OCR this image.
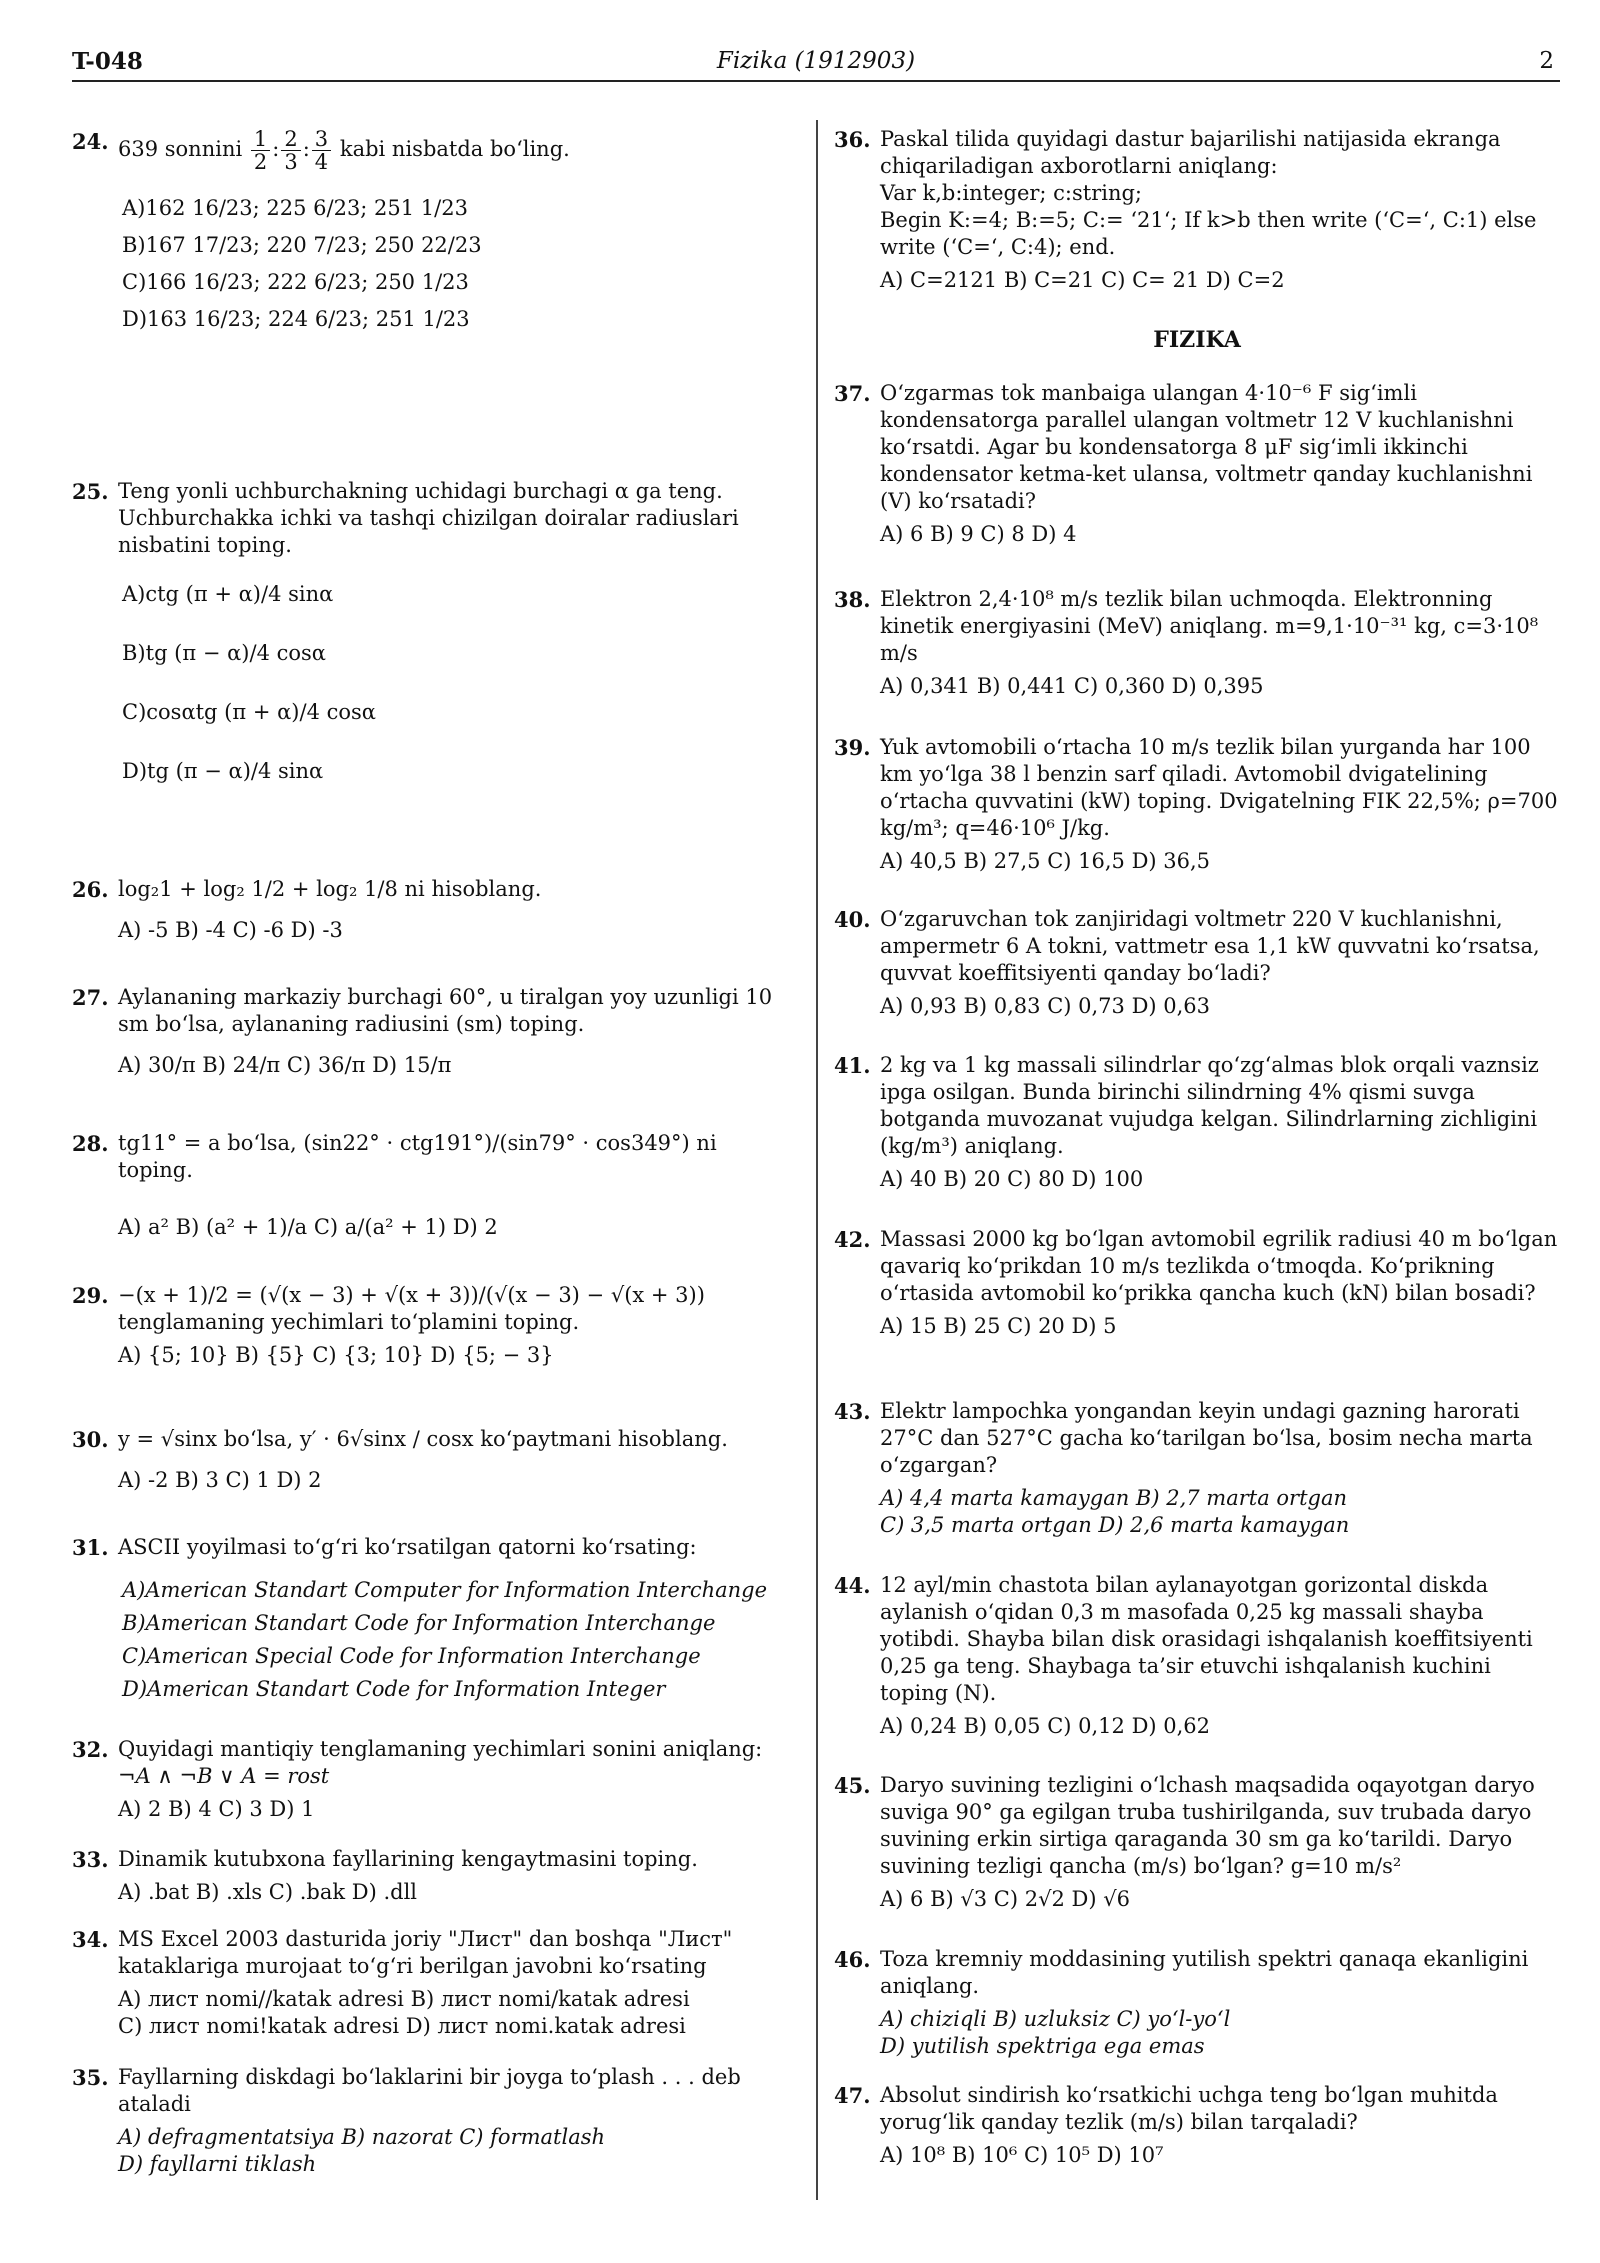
T-048	Fizika (1912903)	2
24. 639 sonnini $\frac{1}{2}$ : $\frac{2}{3}$ : $\frac{3}{4}$ kabi nisbatda bo‘ling.
A)162 16/23; 225 6/23; 251 1/23
B)167 17/23; 220 7/23; 250 22/23
C)166 16/23; 222 6/23; 250 1/23
D)163 16/23; 224 6/23; 251 1/23
25. Teng yonli uchburchakning uchidagi burchagi α ga teng. Uchburchakka ichki va tashqi chizilgan doiralar radiuslari nisbatini toping.
A)ctg (π + α)/4 sinα
B)tg (π − α)/4 cosα
C)cosαtg (π + α)/4 cosα
D)tg (π − α)/4 sinα
26. log₂1 + log₂ 1/2 + log₂ 1/8 ni hisoblang.
A) -5 B) -4 C) -6 D) -3
27. Aylananing markaziy burchagi 60°, u tiralgan yoy uzunligi 10 sm bo‘lsa, aylananing radiusini (sm) toping.
A) 30/π B) 24/π C) 36/π D) 15/π
28. tg11° = a bo‘lsa, (sin22° · ctg191°)/(sin79° · cos349°) ni toping.
A) a² B) (a² + 1)/a C) a/(a² + 1) D) 2
29. −(x + 1)/2 = (√(x − 3) + √(x + 3))/(√(x − 3) − √(x + 3)) tenglamaning yechimlari to‘plamini toping.
A) {5; 10} B) {5} C) {3; 10} D) {5; − 3}
30. y = √sinx bo‘lsa, y′ · 6√sinx / cosx ko‘paytmani hisoblang.
A) -2 B) 3 C) 1 D) 2
31. ASCII yoyilmasi to‘g‘ri ko‘rsatilgan qatorni ko‘rsating:
A)American Standart Computer for Information Interchange
B)American Standart Code for Information Interchange
C)American Special Code for Information Interchange
D)American Standart Code for Information Integer
32. Quyidagi mantiqiy tenglamaning yechimlari sonini aniqlang:
¬A ∧ ¬B ∨ A = rost
A) 2 B) 4 C) 3 D) 1
33. Dinamik kutubxona fayllarining kengaytmasini toping.
A) .bat B) .xls C) .bak D) .dll
34. MS Excel 2003 dasturida joriy "Лист" dan boshqa "Лист" kataklariga murojaat to‘g‘ri berilgan javobni ko‘rsating
A) лист nomi//katak adresi B) лист nomi/katak adresi
C) лист nomi!katak adresi D) лист nomi.katak adresi
35. Fayllarning diskdagi bo‘laklarini bir joyga to‘plash . . . deb ataladi
A) defragmentatsiya B) nazorat C) formatlash
D) fayllarni tiklash
36. Paskal tilida quyidagi dastur bajarilishi natijasida ekranga chiqariladigan axborotlarni aniqlang:
Var k,b:integer; c:string;
Begin K:=4; B:=5; C:= ‘21‘; If k>b then write (‘C=‘, C:1) else write (‘C=‘, C:4); end.
A) C=2121 B) C=21 C) C= 21 D) C=2
FIZIKA
37. O‘zgarmas tok manbaiga ulangan 4·10⁻⁶ F sig‘imli kondensatorga parallel ulangan voltmetr 12 V kuchlanishni ko‘rsatdi. Agar bu kondensatorga 8 μF sig‘imli ikkinchi kondensator ketma-ket ulansa, voltmetr qanday kuchlanishni (V) ko‘rsatadi?
A) 6 B) 9 C) 8 D) 4
38. Elektron 2,4·10⁸ m/s tezlik bilan uchmoqda. Elektronning kinetik energiyasini (MeV) aniqlang. m=9,1·10⁻³¹ kg, c=3·10⁸ m/s
A) 0,341 B) 0,441 C) 0,360 D) 0,395
39. Yuk avtomobili o‘rtacha 10 m/s tezlik bilan yurganda har 100 km yo‘lga 38 l benzin sarf qiladi. Avtomobil dvigatelining o‘rtacha quvvatini (kW) toping. Dvigatelning FIK 22,5%; ρ=700 kg/m³; q=46·10⁶ J/kg.
A) 40,5 B) 27,5 C) 16,5 D) 36,5
40. O‘zgaruvchan tok zanjiridagi voltmetr 220 V kuchlanishni, ampermetr 6 A tokni, vattmetr esa 1,1 kW quvvatni ko‘rsatsa, quvvat koeffitsiyenti qanday bo‘ladi?
A) 0,93 B) 0,83 C) 0,73 D) 0,63
41. 2 kg va 1 kg massali silindrlar qo‘zg‘almas blok orqali vaznsiz ipga osilgan. Bunda birinchi silindrning 4% qismi suvga botganda muvozanat vujudga kelgan. Silindrlarning zichligini (kg/m³) aniqlang.
A) 40 B) 20 C) 80 D) 100
42. Massasi 2000 kg bo‘lgan avtomobil egrilik radiusi 40 m bo‘lgan qavariq ko‘prikdan 10 m/s tezlikda o‘tmoqda. Ko‘prikning o‘rtasida avtomobil ko‘prikka qancha kuch (kN) bilan bosadi?
A) 15 B) 25 C) 20 D) 5
43. Elektr lampochka yongandan keyin undagi gazning harorati 27°C dan 527°C gacha ko‘tarilgan bo‘lsa, bosim necha marta o‘zgargan?
A) 4,4 marta kamaygan B) 2,7 marta ortgan
C) 3,5 marta ortgan D) 2,6 marta kamaygan
44. 12 ayl/min chastota bilan aylanayotgan gorizontal diskda aylanish o‘qidan 0,3 m masofada 0,25 kg massali shayba yotibdi. Shayba bilan disk orasidagi ishqalanish koeffitsiyenti 0,25 ga teng. Shaybaga ta’sir etuvchi ishqalanish kuchini toping (N).
A) 0,24 B) 0,05 C) 0,12 D) 0,62
45. Daryo suvining tezligini o‘lchash maqsadida oqayotgan daryo suviga 90° ga egilgan truba tushirilganda, suv trubada daryo suvining erkin sirtiga qaraganda 30 sm ga ko‘tarildi. Daryo suvining tezligi qancha (m/s) bo‘lgan? g=10 m/s²
A) 6 B) √3 C) 2√2 D) √6
46. Toza kremniy moddasining yutilish spektri qanaqa ekanligini aniqlang.
A) chiziqli B) uzluksiz C) yo‘l-yo‘l
D) yutilish spektriga ega emas
47. Absolut sindirish ko‘rsatkichi uchga teng bo‘lgan muhitda yorug‘lik qanday tezlik (m/s) bilan tarqaladi?
A) 10⁸ B) 10⁶ C) 10⁵ D) 10⁷
